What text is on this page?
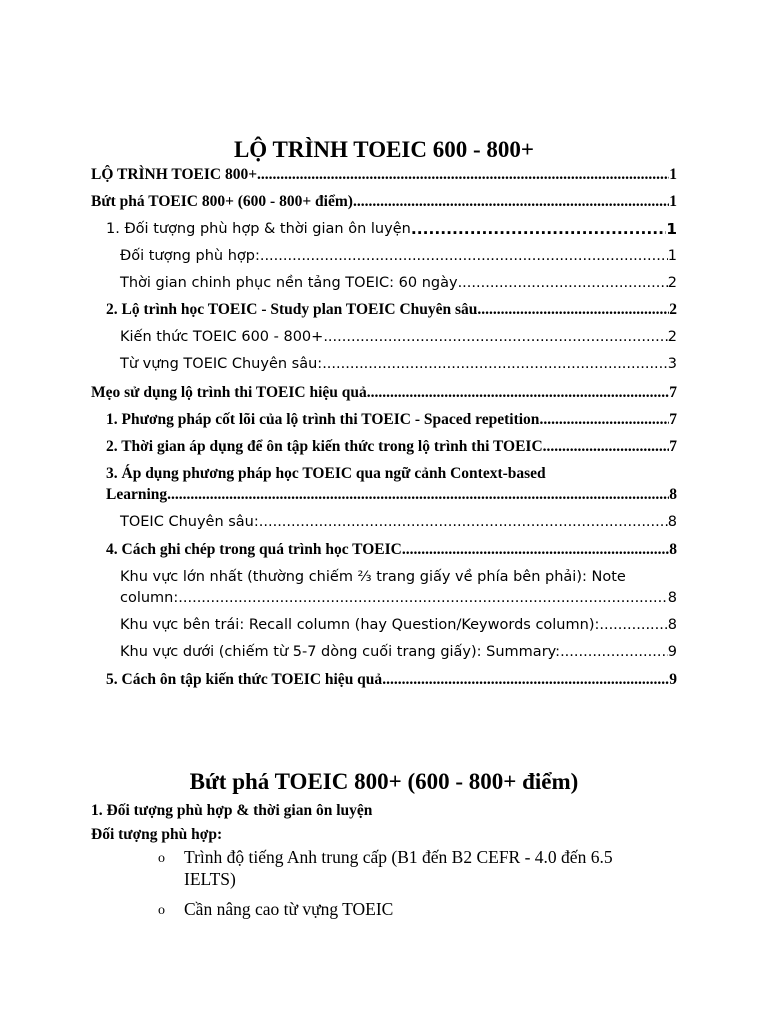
LỘ TRÌNH TOEIC 600 - 800+
LỘ TRÌNH TOEIC 800+ .....	1
Bứt phá TOEIC 800+ (600 - 800+ điểm) .....	1
1. Đối tượng phù hợp & thời gian ôn luyện .....	1
Đối tượng phù hợp: .....	1
Thời gian chinh phục nền tảng TOEIC: 60 ngày .....	2
2. Lộ trình học TOEIC - Study plan TOEIC Chuyên sâu .....	2
Kiến thức TOEIC 600 - 800+ .....	2
Từ vựng TOEIC Chuyên sâu: .....	3
Mẹo sử dụng lộ trình thi TOEIC hiệu quả .....	7
1. Phương pháp cốt lõi của lộ trình thi TOEIC - Spaced repetition .....	7
2. Thời gian áp dụng để ôn tập kiến thức trong lộ trình thi TOEIC .....	7
3. Áp dụng phương pháp học TOEIC qua ngữ cảnh Context-based
Learning .....	8
TOEIC Chuyên sâu: .....	8
4. Cách ghi chép trong quá trình học TOEIC .....	8
Khu vực lớn nhất (thường chiếm ⅔ trang giấy về phía bên phải): Note
column: .....	8
Khu vực bên trái: Recall column (hay Question/Keywords column): .....	8
Khu vực dưới (chiếm từ 5-7 dòng cuối trang giấy): Summary: .....	9
5. Cách ôn tập kiến thức TOEIC hiệu quả .....	9
Bứt phá TOEIC 800+ (600 - 800+ điểm)
1. Đối tượng phù hợp & thời gian ôn luyện
Đối tượng phù hợp:
o Trình độ tiếng Anh trung cấp (B1 đến B2 CEFR - 4.0 đến 6.5 IELTS)
o Cần nâng cao từ vựng TOEIC
